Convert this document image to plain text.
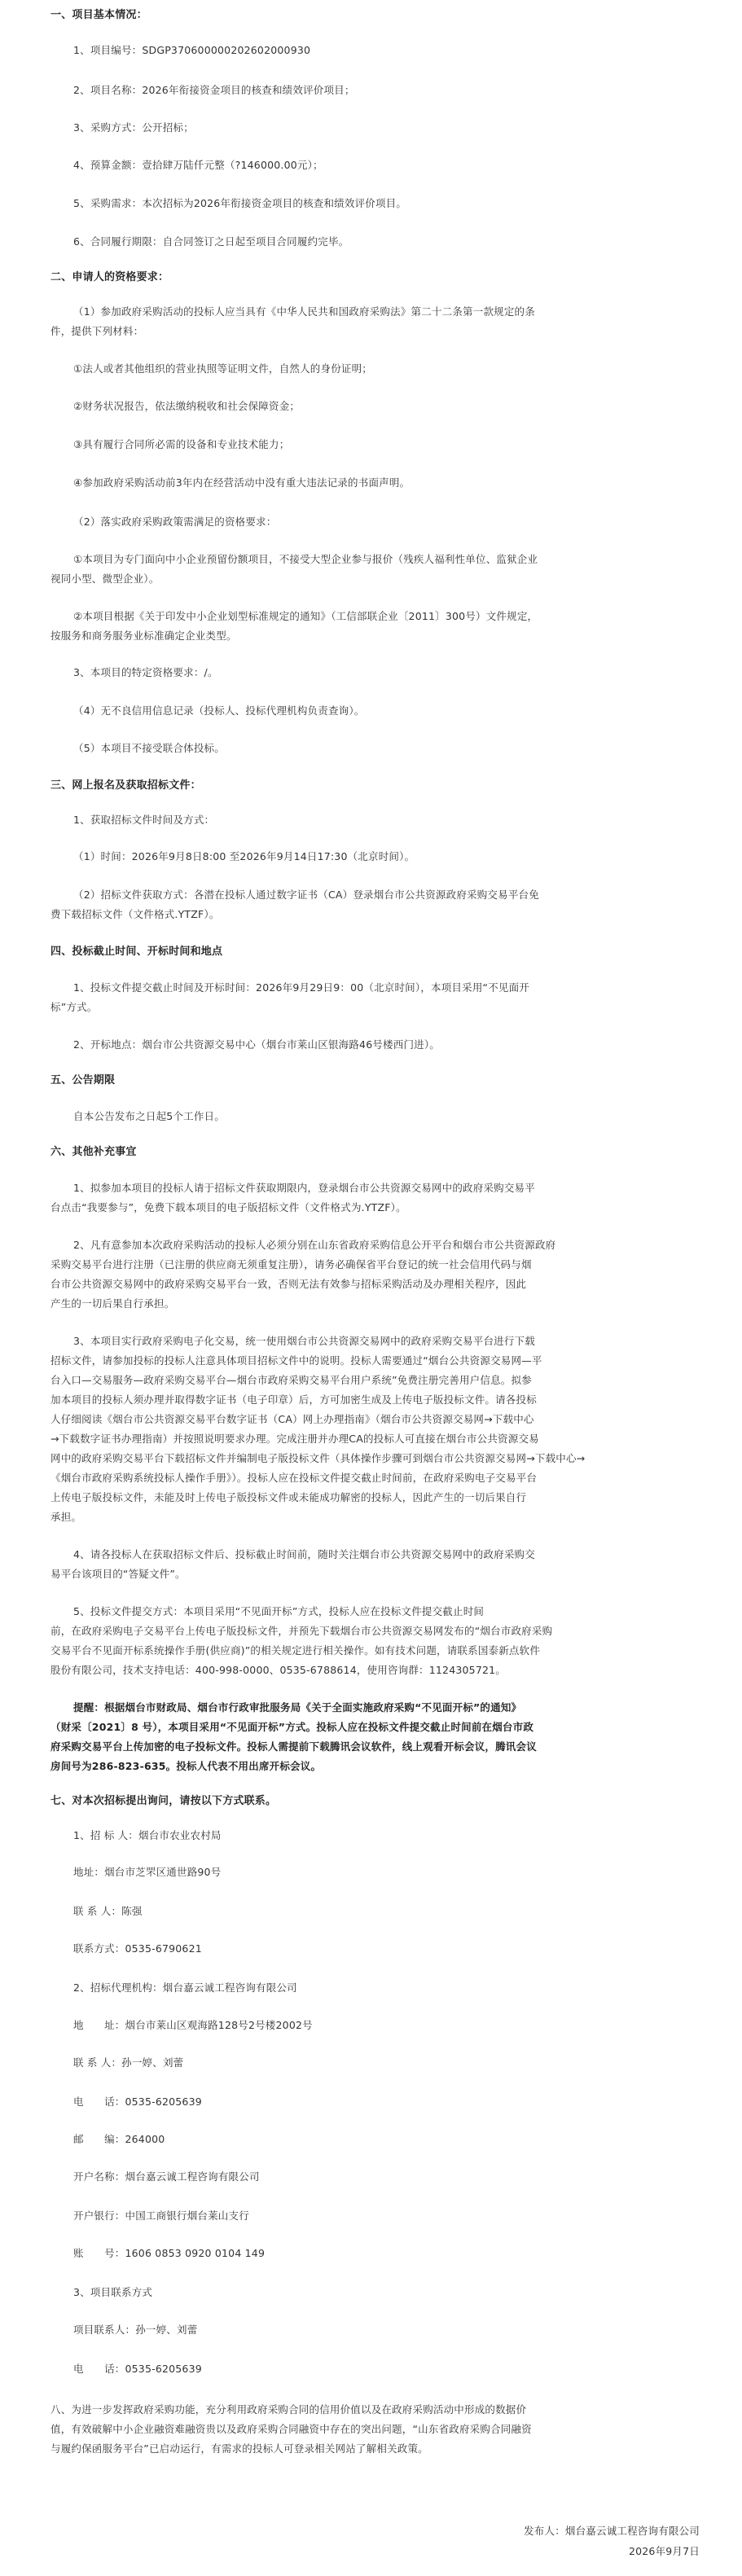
一、项目基本情况：
1、项目编号：SDGP370600000202602000930
2、项目名称：2026年衔接资金项目的核查和绩效评价项目；
3、采购方式：公开招标；
4、预算金额：壹拾肆万陆仟元整（?146000.00元）；
5、采购需求：本次招标为2026年衔接资金项目的核查和绩效评价项目。
6、合同履行期限：自合同签订之日起至项目合同履约完毕。
二、申请人的资格要求：
（1）参加政府采购活动的投标人应当具有《中华人民共和国政府采购法》第二十二条第一款规定的条
件，提供下列材料：
①法人或者其他组织的营业执照等证明文件，自然人的身份证明；
②财务状况报告，依法缴纳税收和社会保障资金；
③具有履行合同所必需的设备和专业技术能力；
④参加政府采购活动前3年内在经营活动中没有重大违法记录的书面声明。
（2）落实政府采购政策需满足的资格要求：
①本项目为专门面向中小企业预留份额项目，不接受大型企业参与报价（残疾人福利性单位、监狱企业
视同小型、微型企业）。
②本项目根据《关于印发中小企业划型标准规定的通知》（工信部联企业〔2011〕300号）文件规定，
按服务和商务服务业标准确定企业类型。
3、本项目的特定资格要求：/。
（4）无不良信用信息记录（投标人、投标代理机构负责查询）。
（5）本项目不接受联合体投标。
三、网上报名及获取招标文件：
1、获取招标文件时间及方式：
（1）时间：2026年9月8日8:00 至2026年9月14日17:30（北京时间）。
（2）招标文件获取方式：各潜在投标人通过数字证书（CA）登录烟台市公共资源政府采购交易平台免
费下载招标文件（文件格式.YTZF）。
四、投标截止时间、开标时间和地点
1、投标文件提交截止时间及开标时间：2026年9月29日9：00（北京时间），本项目采用“不见面开
标”方式。
2、开标地点：烟台市公共资源交易中心（烟台市莱山区银海路46号楼西门进）。
五、公告期限
自本公告发布之日起5个工作日。
六、其他补充事宜
1、拟参加本项目的投标人请于招标文件获取期限内，登录烟台市公共资源交易网中的政府采购交易平
台点击“我要参与”，免费下载本项目的电子版招标文件（文件格式为.YTZF）。
2、凡有意参加本次政府采购活动的投标人必须分别在山东省政府采购信息公开平台和烟台市公共资源政府
采购交易平台进行注册（已注册的供应商无须重复注册），请务必确保省平台登记的统一社会信用代码与烟
台市公共资源交易网中的政府采购交易平台一致，否则无法有效参与招标采购活动及办理相关程序，因此
产生的一切后果自行承担。
3、本项目实行政府采购电子化交易，统一使用烟台市公共资源交易网中的政府采购交易平台进行下载
招标文件，请参加投标的投标人注意具体项目招标文件中的说明。投标人需要通过“烟台公共资源交易网—平
台入口—交易服务—政府采购交易平台—烟台市政府采购交易平台用户系统”免费注册完善用户信息。拟参
加本项目的投标人须办理并取得数字证书（电子印章）后，方可加密生成及上传电子版投标文件。请各投标
人仔细阅读《烟台市公共资源交易平台数字证书（CA）网上办理指南》（烟台市公共资源交易网→下载中心
→下载数字证书办理指南）并按照说明要求办理。完成注册并办理CA的投标人可直接在烟台市公共资源交易
网中的政府采购交易平台下载招标文件并编制电子版投标文件（具体操作步骤可到烟台市公共资源交易网→下载中心→
《烟台市政府采购系统投标人操作手册》）。投标人应在投标文件提交截止时间前，在政府采购电子交易平台
上传电子版投标文件，未能及时上传电子版投标文件或未能成功解密的投标人，因此产生的一切后果自行
承担。
4、请各投标人在获取招标文件后、投标截止时间前，随时关注烟台市公共资源交易网中的政府采购交
易平台该项目的“答疑文件”。
5、投标文件提交方式：本项目采用“不见面开标”方式，投标人应在投标文件提交截止时间
前，在政府采购电子交易平台上传电子版投标文件，并预先下载烟台市公共资源交易网发布的“烟台市政府采购
交易平台不见面开标系统操作手册(供应商)”的相关规定进行相关操作。如有技术问题，请联系国泰新点软件
股份有限公司，技术支持电话：400-998-0000、0535-6788614，使用咨询群：1124305721。
提醒：根据烟台市财政局、烟台市行政审批服务局《关于全面实施政府采购“不见面开标”的通知》
（财采〔2021〕8 号），本项目采用“不见面开标”方式。投标人应在投标文件提交截止时间前在烟台市政
府采购交易平台上传加密的电子投标文件。投标人需提前下载腾讯会议软件，线上观看开标会议，腾讯会议
房间号为286-823-635。投标人代表不用出席开标会议。
七、对本次招标提出询问，请按以下方式联系。
1、招 标 人：烟台市农业农村局
地址：烟台市芝罘区通世路90号
联 系 人：陈强
联系方式：0535-6790621
2、招标代理机构：烟台嘉云诚工程咨询有限公司
地　　址：烟台市莱山区观海路128号2号楼2002号
联 系 人：孙一婷、刘蕾
电　　话：0535-6205639
邮　　编：264000
开户名称：烟台嘉云诚工程咨询有限公司
开户银行：中国工商银行烟台莱山支行
账　　号：1606 0853 0920 0104 149
3、项目联系方式
项目联系人：孙一婷、刘蕾
电　　话：0535-6205639
八、为进一步发挥政府采购功能，充分利用政府采购合同的信用价值以及在政府采购活动中形成的数据价
值，有效破解中小企业融资难融资贵以及政府采购合同融资中存在的突出问题，“山东省政府采购合同融资
与履约保函服务平台”已启动运行，有需求的投标人可登录相关网站了解相关政策。
发布人：烟台嘉云诚工程咨询有限公司
2026年9月7日
